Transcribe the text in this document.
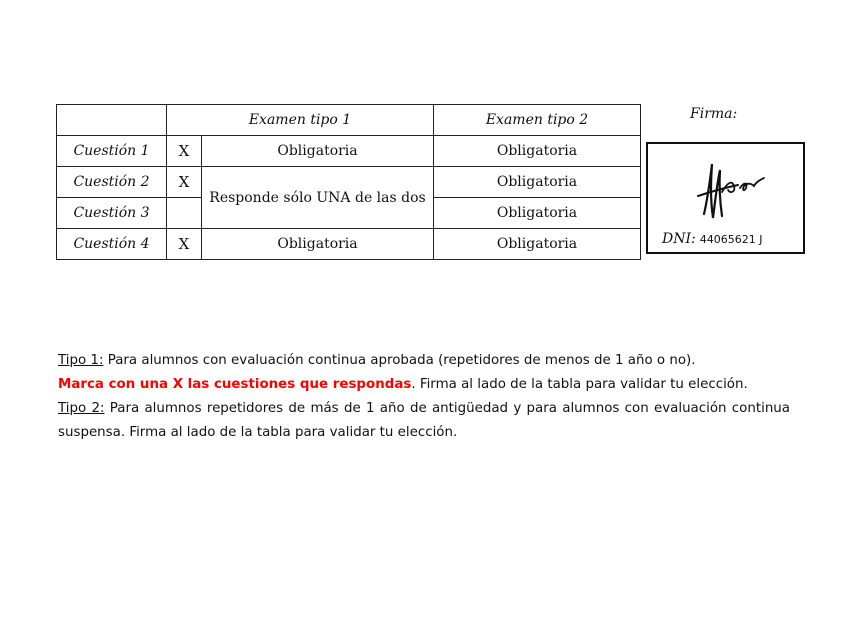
	Examen tipo 1		Examen tipo 2
Cuestión 1	X	Obligatoria	Obligatoria
Cuestión 2	X	Responde sólo UNA de las dos	Obligatoria
Cuestión 3			Obligatoria
Cuestión 4	X	Obligatoria	Obligatoria
Firma:
DNI: 44065621 J

Tipo 1: Para alumnos con evaluación continua aprobada (repetidores de menos de 1 año o no).
Marca con una X las cuestiones que respondas. Firma al lado de la tabla para validar tu elección.

Tipo 2: Para alumnos repetidores de más de 1 año de antigüedad y para alumnos con evaluación continua suspensa. Firma al lado de la tabla para validar tu elección.
